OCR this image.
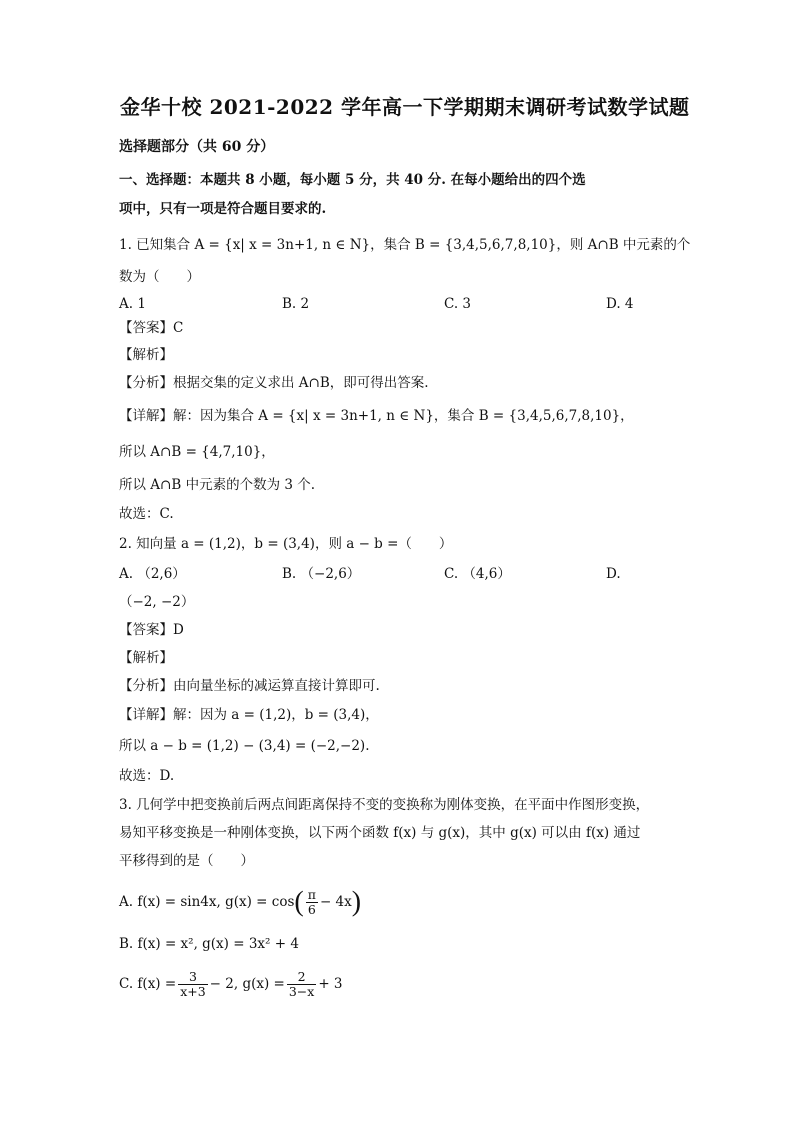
金华十校 2021-2022 学年高一下学期期末调研考试数学试题
选择题部分（共 60 分）
一、选择题：本题共 8 小题，每小题 5 分，共 40 分. 在每小题给出的四个选
项中，只有一项是符合题目要求的.
1. 已知集合 A = {x| x = 3n+1, n ∈ N}，集合 B = {3,4,5,6,7,8,10}，则 A∩B 中元素的个
数为（　　）
A. 1	B. 2	C. 3	D. 4
【答案】C
【解析】
【分析】根据交集的定义求出 A∩B，即可得出答案.
【详解】解：因为集合 A = {x| x = 3n+1, n ∈ N}，集合 B = {3,4,5,6,7,8,10}，
所以 A∩B = {4,7,10}，
所以 A∩B 中元素的个数为 3 个.
故选：C.
2. 知向量 a = (1,2)，b = (3,4)，则 a − b =（　　）
A. （2,6）	B. （−2,6）	C. （4,6）	D.
（−2, −2）
【答案】D
【解析】
【分析】由向量坐标的减运算直接计算即可.
【详解】解：因为 a = (1,2)，b = (3,4)，
所以 a − b = (1,2) − (3,4) = (−2,−2).
故选：D.
3. 几何学中把变换前后两点间距离保持不变的变换称为刚体变换，在平面中作图形变换，
易知平移变换是一种刚体变换，以下两个函数 f(x) 与 g(x)，其中 g(x) 可以由 f(x) 通过
平移得到的是（　　）
A. f(x) = sin4x, $g(x) = \cos( \frac{\pi}{6} - 4x)$
B. f(x) = x², g(x) = 3x² + 4
C. $f(x) = \frac{3}{x+3} - 2$, $g(x) = \frac{2}{3-x} + 3$
